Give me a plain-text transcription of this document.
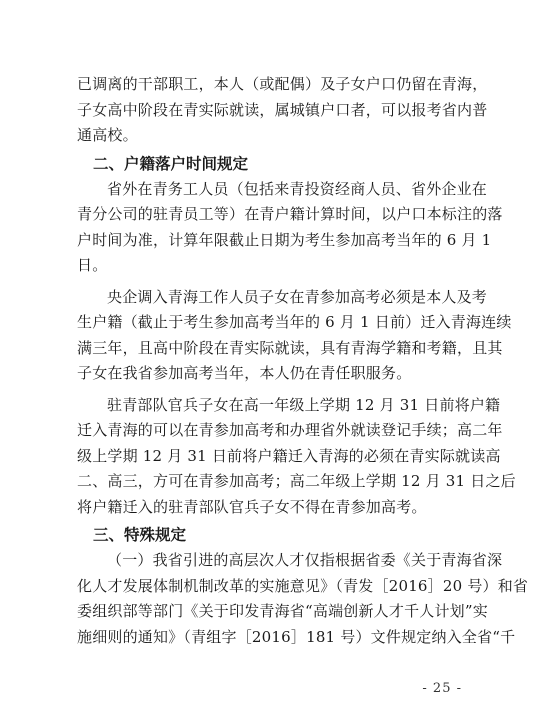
已调离的干部职工，本人（或配偶）及子女户口仍留在青海，
子女高中阶段在青实际就读，属城镇户口者，可以报考省内普
通高校。

二、户籍落户时间规定

省外在青务工人员（包括来青投资经商人员、省外企业在
青分公司的驻青员工等）在青户籍计算时间，以户口本标注的落
户时间为准，计算年限截止日期为考生参加高考当年的 6 月 1
日。

央企调入青海工作人员子女在青参加高考必须是本人及考
生户籍（截止于考生参加高考当年的 6 月 1 日前）迁入青海连续
满三年，且高中阶段在青实际就读，具有青海学籍和考籍，且其
子女在我省参加高考当年，本人仍在青任职服务。

驻青部队官兵子女在高一年级上学期 12 月 31 日前将户籍
迁入青海的可以在青参加高考和办理省外就读登记手续；高二年
级上学期 12 月 31 日前将户籍迁入青海的必须在青实际就读高
二、高三，方可在青参加高考；高二年级上学期 12 月 31 日之后
将户籍迁入的驻青部队官兵子女不得在青参加高考。

三、特殊规定

（一）我省引进的高层次人才仅指根据省委《关于青海省深
化人才发展体制机制改革的实施意见》（青发［2016］20 号）和省
委组织部等部门《关于印发青海省“高端创新人才千人计划”实
施细则的通知》（青组字［2016］181 号）文件规定纳入全省“千

- 25 -
